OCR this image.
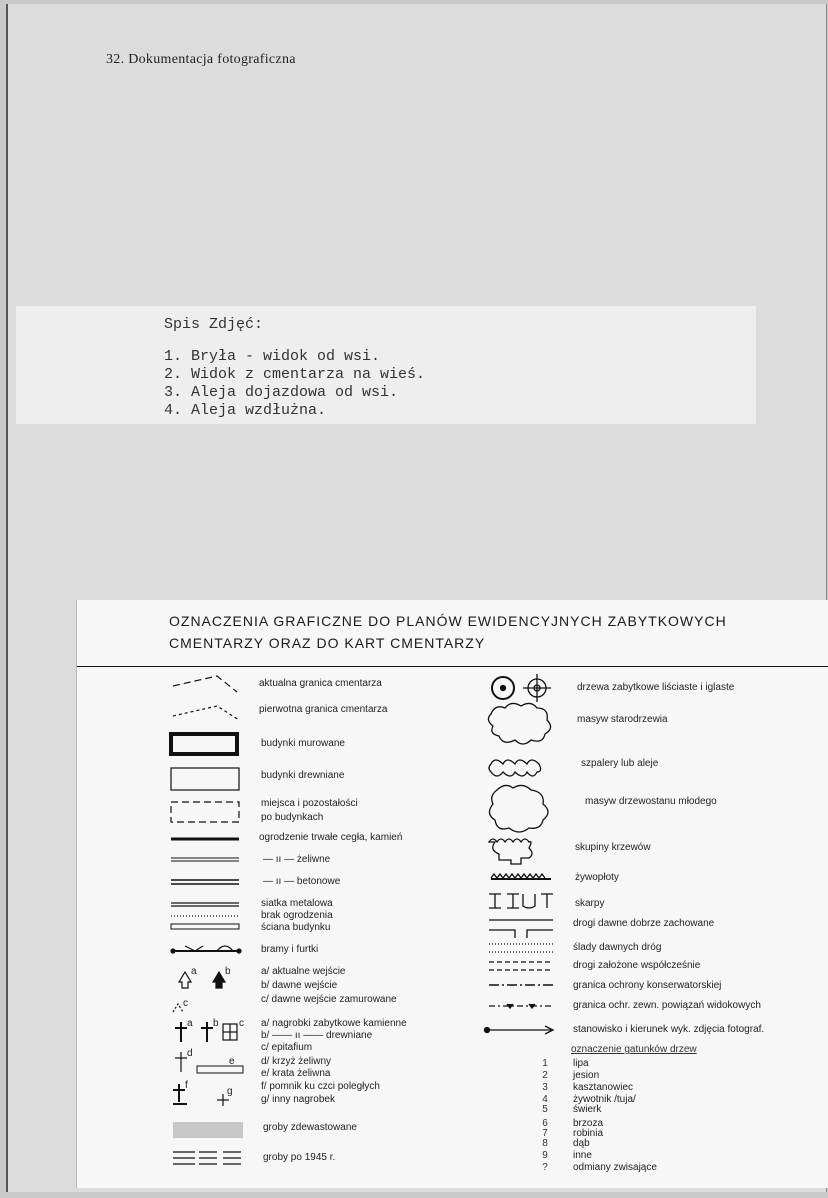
32. Dokumentacja fotograficzna
Spis Zdjęć:
1. Bryła - widok od wsi.
2. Widok z cmentarza na wieś.
3. Aleja dojazdowa od wsi.
4. Aleja wzdłużna.
OZNACZENIA GRAFICZNE DO PLANÓW EWIDENCYJNYCH ZABYTKOWYCH
CMENTARZY ORAZ DO KART CMENTARZY
a	b
c
a b c
d
e
f
g
aktualna granica cmentarza
pierwotna granica cmentarza
budynki murowane
budynki drewniane
miejsca i pozostałości
po budynkach
ogrodzenie trwałe cegła, kamień
— ıı — żeliwne
— ıı — betonowe
siatka metalowa
brak ogrodzenia
ściana budynku
bramy i furtki
a/ aktualne wejście
b/ dawne wejście
c/ dawne wejście zamurowane
a/ nagrobki zabytkowe kamienne
b/ —— ıı —— drewniane
c/ epitafium
d/ krzyż żeliwny
e/ krata żeliwna
f/ pomnik ku czci poległych
g/ inny nagrobek
groby zdewastowane
groby po 1945 r.
drzewa zabytkowe liściaste i iglaste
masyw starodrzewia
szpalery lub aleje
masyw drzewostanu młodego
skupiny krzewów
żywopłoty
skarpy
drogi dawne dobrze zachowane
ślady dawnych dróg
drogi założone współcześnie
granica ochrony konserwatorskiej
granica ochr. zewn. powiązań widokowych
stanowisko i kierunek wyk. zdjęcia fotograf.
oznaczenie gatunków drzew
1	lipa
2	jesion
3	kasztanowiec
4	żywotnik /tuja/
5	świerk
6	brzoza
7	robinia
8	dąb
9	inne
?	odmiany zwisające
